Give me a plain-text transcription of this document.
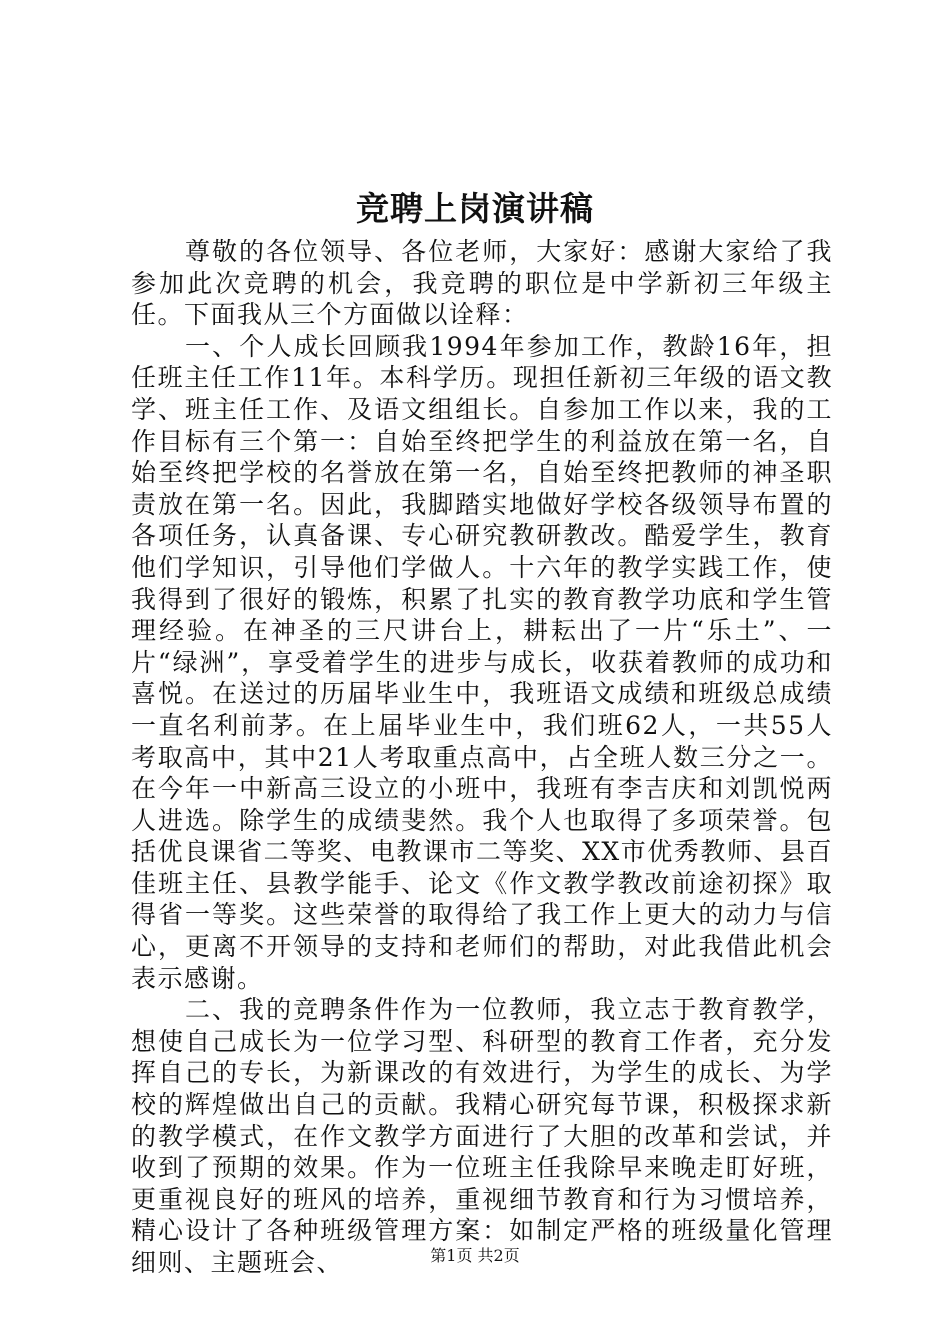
竞聘上岗演讲稿

尊敬的各位领导、各位老师，大家好：感谢大家给了我参加此次竞聘的机会，我竞聘的职位是中学新初三年级主任。下面我从三个方面做以诠释：

一、个人成长回顾我1994年参加工作，教龄16年，担任班主任工作11年。本科学历。现担任新初三年级的语文教学、班主任工作、及语文组组长。自参加工作以来，我的工作目标有三个第一：自始至终把学生的利益放在第一名，自始至终把学校的名誉放在第一名，自始至终把教师的神圣职责放在第一名。因此，我脚踏实地做好学校各级领导布置的各项任务，认真备课、专心研究教研教改。酷爱学生，教育他们学知识，引导他们学做人。十六年的教学实践工作，使我得到了很好的锻炼，积累了扎实的教育教学功底和学生管理经验。在神圣的三尺讲台上，耕耘出了一片“乐土”、一片“绿洲”，享受着学生的进步与成长，收获着教师的成功和喜悦。在送过的历届毕业生中，我班语文成绩和班级总成绩一直名利前茅。在上届毕业生中，我们班62人，一共55人考取高中，其中21人考取重点高中，占全班人数三分之一。在今年一中新高三设立的小班中，我班有李吉庆和刘凯悦两人进选。除学生的成绩斐然。我个人也取得了多项荣誉。包括优良课省二等奖、电教课市二等奖、XX市优秀教师、县百佳班主任、县教学能手、论文《作文教学教改前途初探》取得省一等奖。这些荣誉的取得给了我工作上更大的动力与信心，更离不开领导的支持和老师们的帮助，对此我借此机会表示感谢。

二、我的竞聘条件作为一位教师，我立志于教育教学，想使自己成长为一位学习型、科研型的教育工作者，充分发挥自己的专长，为新课改的有效进行，为学生的成长、为学校的辉煌做出自己的贡献。我精心研究每节课，积极探求新的教学模式，在作文教学方面进行了大胆的改革和尝试，并收到了预期的效果。作为一位班主任我除早来晚走盯好班，更重视良好的班风的培养，重视细节教育和行为习惯培养，精心设计了各种班级管理方案：如制定严格的班级量化管理细则、主题班会、	第1页 共2页
